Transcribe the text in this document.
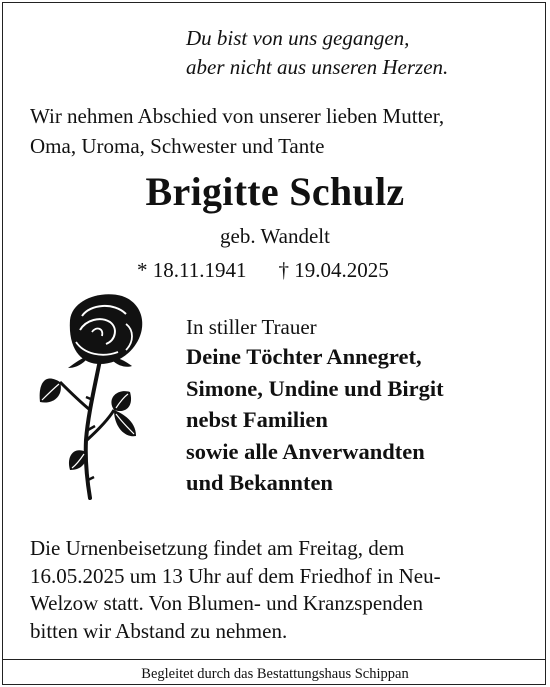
Du bist von uns gegangen,
aber nicht aus unseren Herzen.
Wir nehmen Abschied von unserer lieben Mutter,
Oma, Uroma, Schwester und Tante
Brigitte Schulz
geb. Wandelt
* 18.11.1941 † 19.04.2025
In stiller Trauer
Deine Töchter Annegret,
Simone, Undine und Birgit
nebst Familien
sowie alle Anverwandten
und Bekannten
Die Urnenbeisetzung findet am Freitag, dem
16.05.2025 um 13 Uhr auf dem Friedhof in Neu-
Welzow statt. Von Blumen- und Kranzspenden
bitten wir Abstand zu nehmen.
Begleitet durch das Bestattungshaus Schippan
